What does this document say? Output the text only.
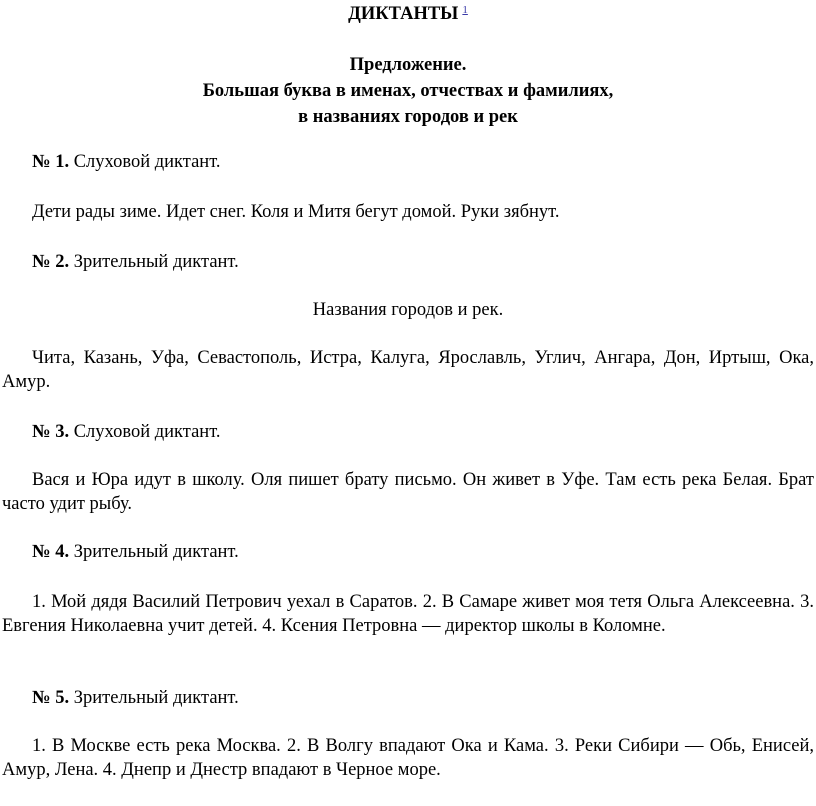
ДИКТАНТЫ $^1$
Предложение.
Большая буква в именах, отчествах и фамилиях,
в названиях городов и рек
№ 1. Слуховой диктант.
Дети рады зиме. Идет снег. Коля и Митя бегут домой. Руки зябнут.
№ 2. Зрительный диктант.
Названия городов и рек.
Чита, Казань, Уфа, Севастополь, Истра, Калуга, Ярославль, Углич, Ангара, Дон, Иртыш, Ока, Амур.
№ 3. Слуховой диктант.
Вася и Юра идут в школу. Оля пишет брату письмо. Он живет в Уфе. Там есть река Белая. Брат часто удит рыбу.
№ 4. Зрительный диктант.
1. Мой дядя Василий Петрович уехал в Саратов. 2. В Самаре живет моя тетя Ольга Алексеевна. 3. Евгения Николаевна учит детей. 4. Ксения Петровна — директор школы в Коломне.
№ 5. Зрительный диктант.
1. В Москве есть река Москва. 2. В Волгу впадают Ока и Кама. 3. Реки Сибири — Обь, Енисей, Амур, Лена. 4. Днепр и Днестр впадают в Черное море.
